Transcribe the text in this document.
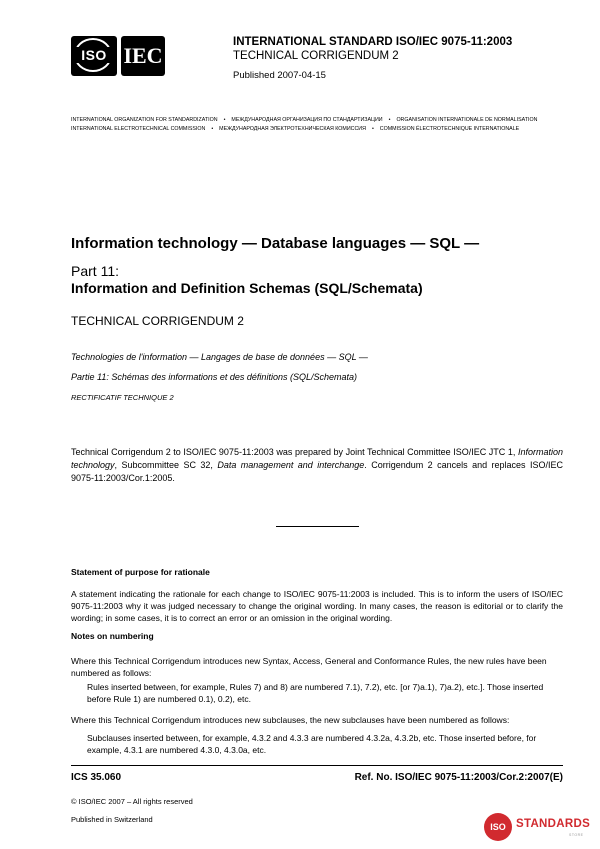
ISO IEC
INTERNATIONAL STANDARD ISO/IEC 9075-11:2003
TECHNICAL CORRIGENDUM 2
Published 2007-04-15
INTERNATIONAL ORGANIZATION FOR STANDARDIZATION • МЕЖДУНАРОДНАЯ ОРГАНИЗАЦИЯ ПО СТАНДАРТИЗАЦИИ • ORGANISATION INTERNATIONALE DE NORMALISATION
INTERNATIONAL ELECTROTECHNICAL COMMISSION • МЕЖДУНАРОДНАЯ ЭЛЕКТРОТЕХНИЧЕСКАЯ КОМИССИЯ • COMMISSION ÉLECTROTECHNIQUE INTERNATIONALE
Information technology — Database languages — SQL —
Part 11:
Information and Definition Schemas (SQL/Schemata)
TECHNICAL CORRIGENDUM 2
Technologies de l'information — Langages de base de données — SQL —
Partie 11: Schémas des informations et des définitions (SQL/Schemata)
RECTIFICATIF TECHNIQUE 2
Technical Corrigendum 2 to ISO/IEC 9075-11:2003 was prepared by Joint Technical Committee ISO/IEC JTC 1, Information technology, Subcommittee SC 32, Data management and interchange. Corrigendum 2 cancels and replaces ISO/IEC 9075-11:2003/Cor.1:2005.
Statement of purpose for rationale
A statement indicating the rationale for each change to ISO/IEC 9075-11:2003 is included. This is to inform the users of ISO/IEC 9075-11:2003 why it was judged necessary to change the original wording. In many cases, the reason is editorial or to clarify the wording; in some cases, it is to correct an error or an omission in the original wording.
Notes on numbering
Where this Technical Corrigendum introduces new Syntax, Access, General and Conformance Rules, the new rules have been numbered as follows:
Rules inserted between, for example, Rules 7) and 8) are numbered 7.1), 7.2), etc. [or 7)a.1), 7)a.2), etc.]. Those inserted before Rule 1) are numbered 0.1), 0.2), etc.
Where this Technical Corrigendum introduces new subclauses, the new subclauses have been numbered as follows:
Subclauses inserted between, for example, 4.3.2 and 4.3.3 are numbered 4.3.2a, 4.3.2b, etc. Those inserted before, for example, 4.3.1 are numbered 4.3.0, 4.3.0a, etc.
ICS 35.060	Ref. No. ISO/IEC 9075-11:2003/Cor.2:2007(E)
© ISO/IEC 2007 – All rights reserved
Published in Switzerland
ISO STANDARDS
STORE
